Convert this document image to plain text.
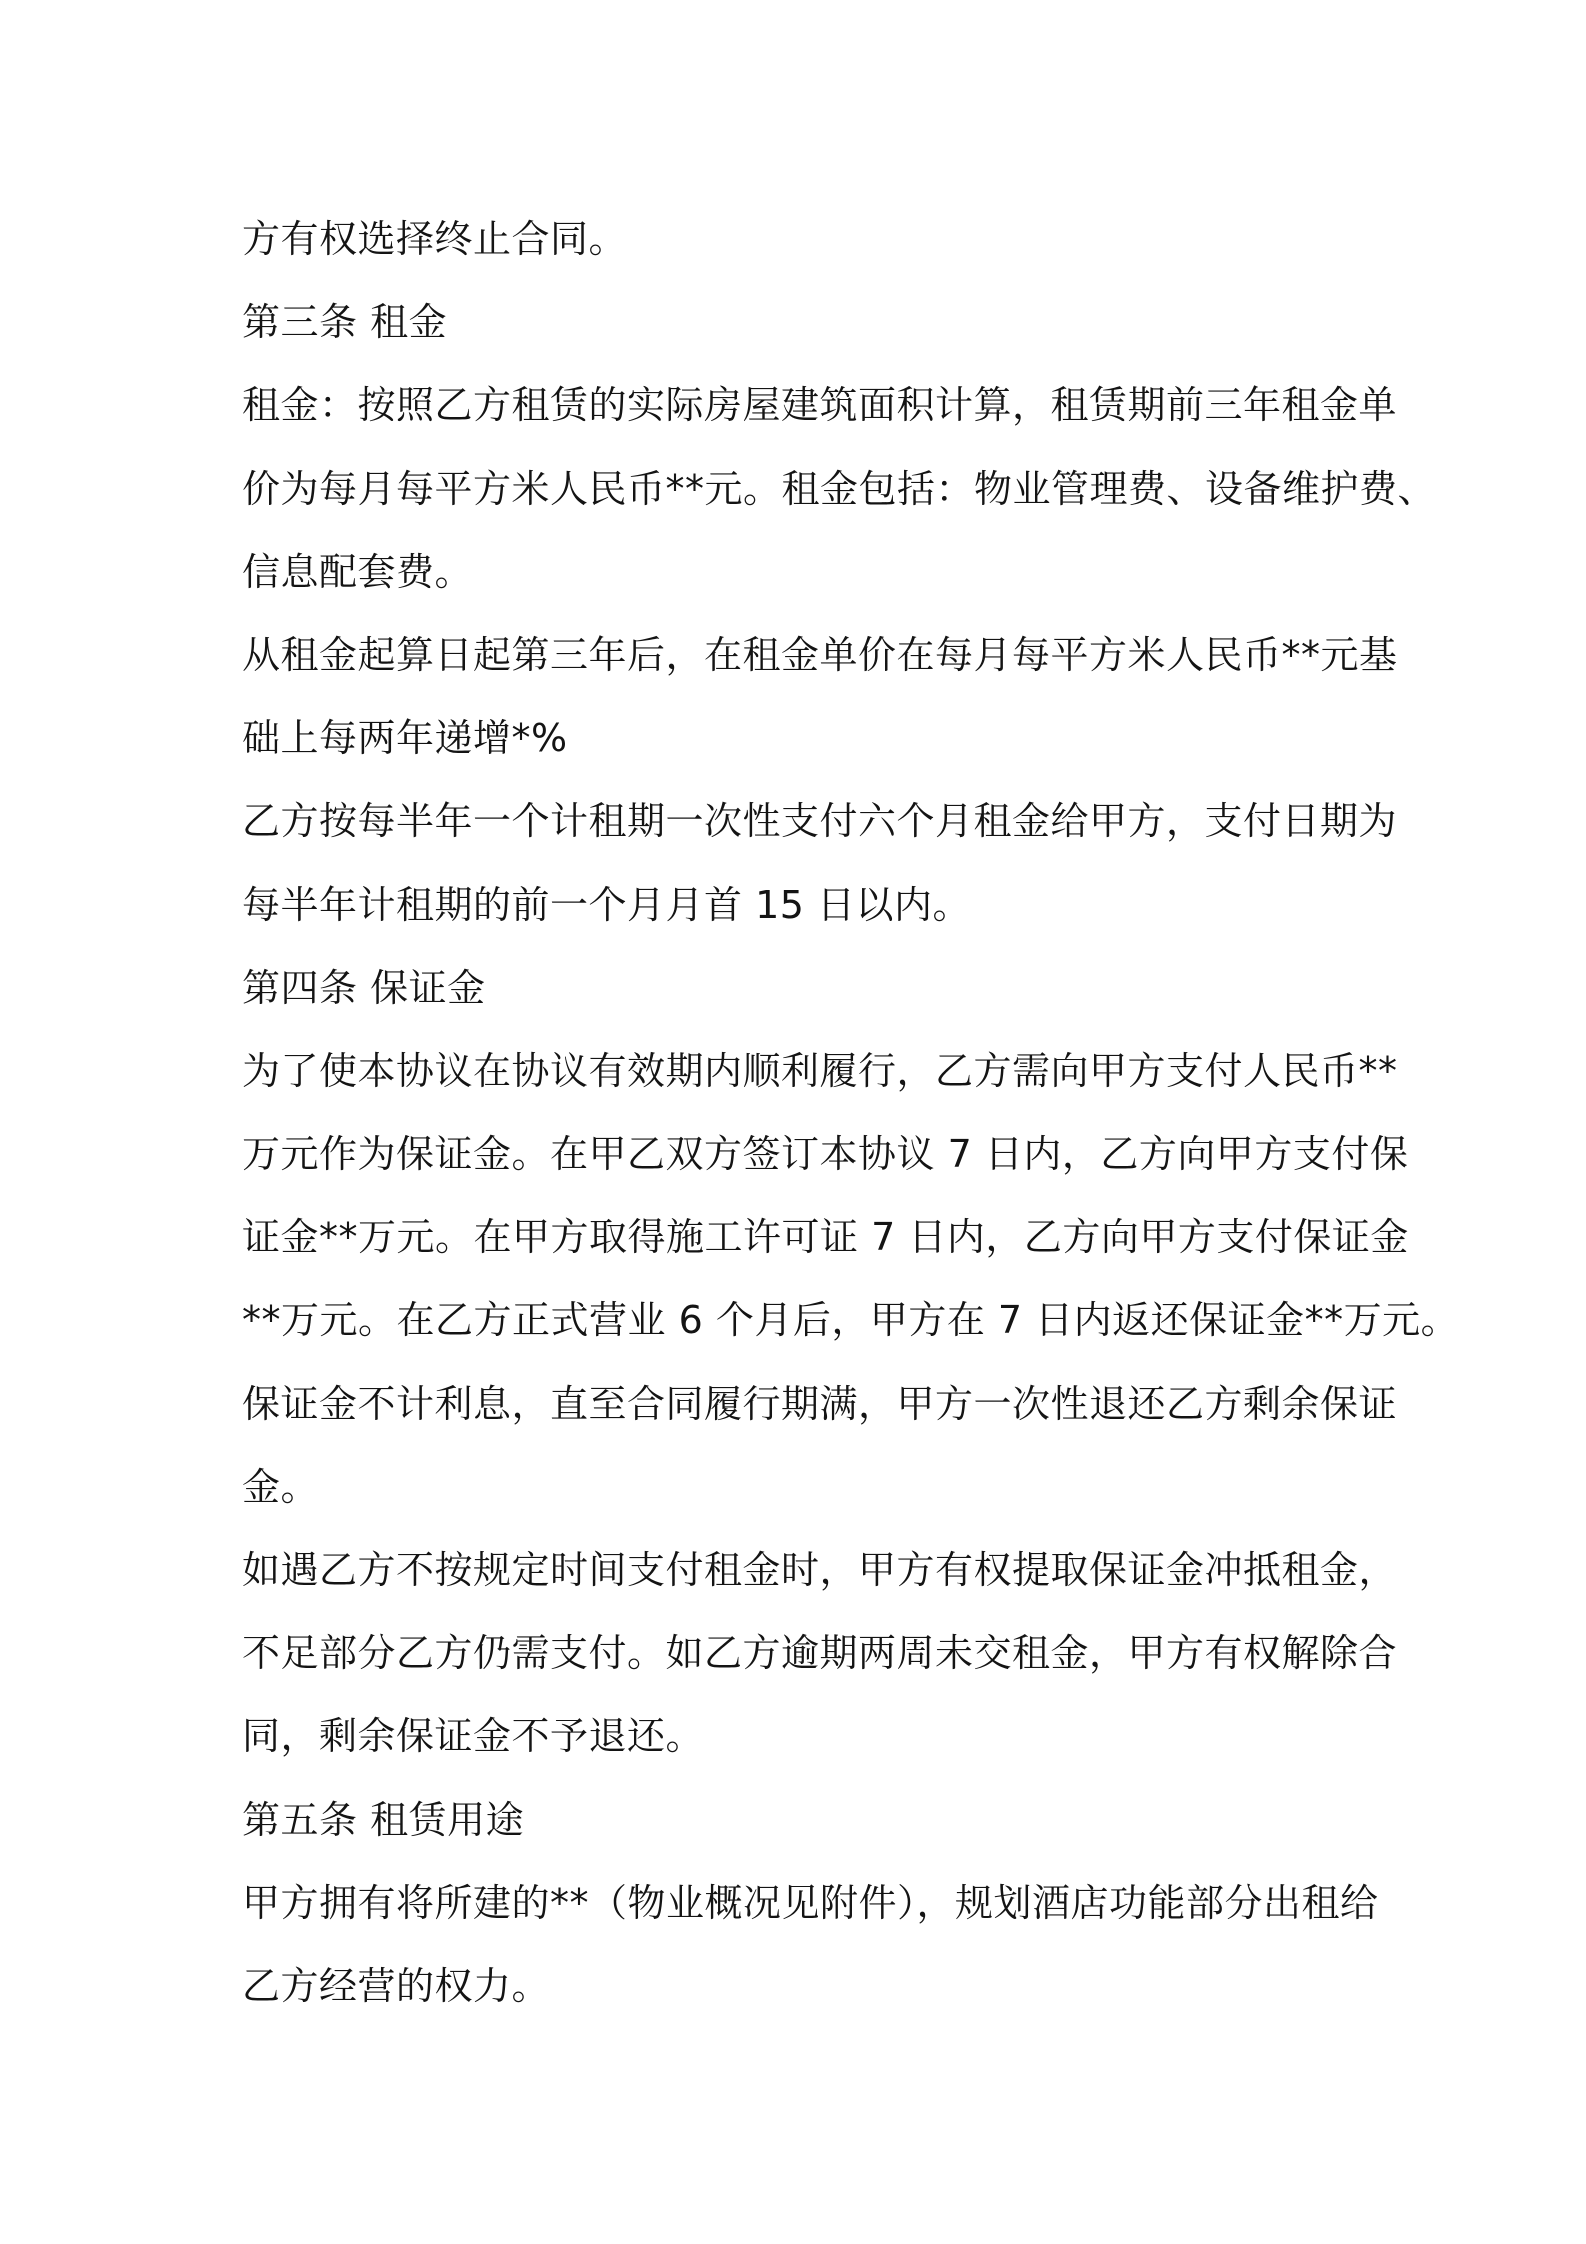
方有权选择终止合同。
第三条 租金
租金：按照乙方租赁的实际房屋建筑面积计算，租赁期前三年租金单
价为每月每平方米人民币**元。租金包括：物业管理费、设备维护费、
信息配套费。
从租金起算日起第三年后，在租金单价在每月每平方米人民币**元基
础上每两年递增*%
乙方按每半年一个计租期一次性支付六个月租金给甲方，支付日期为
每半年计租期的前一个月月首 15 日以内。
第四条 保证金
为了使本协议在协议有效期内顺利履行，乙方需向甲方支付人民币**
万元作为保证金。在甲乙双方签订本协议 7 日内，乙方向甲方支付保
证金**万元。在甲方取得施工许可证 7 日内，乙方向甲方支付保证金
**万元。在乙方正式营业 6 个月后，甲方在 7 日内返还保证金**万元。
保证金不计利息，直至合同履行期满，甲方一次性退还乙方剩余保证
金。
如遇乙方不按规定时间支付租金时，甲方有权提取保证金冲抵租金，
不足部分乙方仍需支付。如乙方逾期两周未交租金，甲方有权解除合
同，剩余保证金不予退还。
第五条 租赁用途
甲方拥有将所建的**（物业概况见附件），规划酒店功能部分出租给
乙方经营的权力。
